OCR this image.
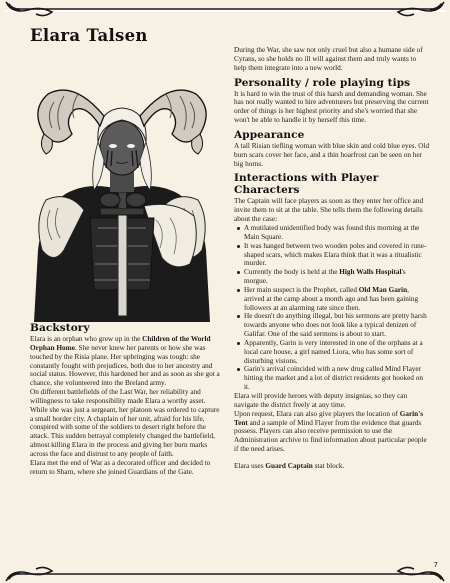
Elara Talsen
Backstory

Elara is an orphan who grew up in the Children of the World Orphan Home. She never knew her parents or how she was touched by the Risia plane. Her upbringing was tough: she constantly fought with prejudices, both due to her ancestry and social status. However, this hardened her and as soon as she got a chance, she volunteered into the Breland army.

On different battlefields of the Last War, her reliability and willingness to take responsibility made Elara a worthy asset. While she was just a sergeant, her platoon was ordered to capture a small border city. A chaplain of her unit, afraid for his life, conspired with some of the soldiers to desert right before the attack. This sudden betrayal completely changed the battlefield, almost killing Elara in the process and giving her burn marks across the face and distrust to any people of faith.

Elara met the end of War as a decorated officer and decided to return to Sharn, where she joined Guardians of the Gate.

During the War, she saw not only cruel but also a humane side of Cyrans, so she holds no ill will against them and truly wants to help them integrate into a new world.

Personality / role playing tips

It is hard to win the trust of this harsh and demanding woman. She has not really wanted to hire adventurers but preserving the current order of things is her highest priority and she's worried that she won't be able to handle it by herself this time.

Appearance

A tall Risian tiefling woman with blue skin and cold blue eyes. Old burn scars cover her face, and a thin hoarfrost can be seen on her big horns.

Interactions with Player Characters

The Captain will face players as soon as they enter her office and invite them to sit at the table. She tells them the following details about the case:

A mutilated unidentified body was found this morning at the Main Square.
It was hanged between two wooden poles and covered in rune-shaped scars, which makes Elara think that it was a ritualistic murder.
Currently the body is held at the High Walls Hospital's morgue.
Her main suspect is the Prophet, called Old Man Garin, arrived at the camp about a month ago and has been gaining followers at an alarming rate since then.
He doesn't do anything illegal, but his sermons are pretty harsh towards anyone who does not look like a typical denizen of Galifar. One of the said sermons is about to start.
Apparently, Garin is very interested in one of the orphans at a local care house, a girl named Liora, who has some sort of disturbing visions.
Garin's arrival coincided with a new drug called Mind Flayer hitting the market and a lot of district residents got hooked on it.

Elara will provide heroes with deputy insignias, so they can navigate the district freely at any time.

Upon request, Elara can also give players the location of Garin's Tent and a sample of Mind Flayer from the evidence that guards possess. Players can also receive permission to use the Administration archive to find information about particular people if the need arises.

Elara uses Guard Captain stat block.

7
